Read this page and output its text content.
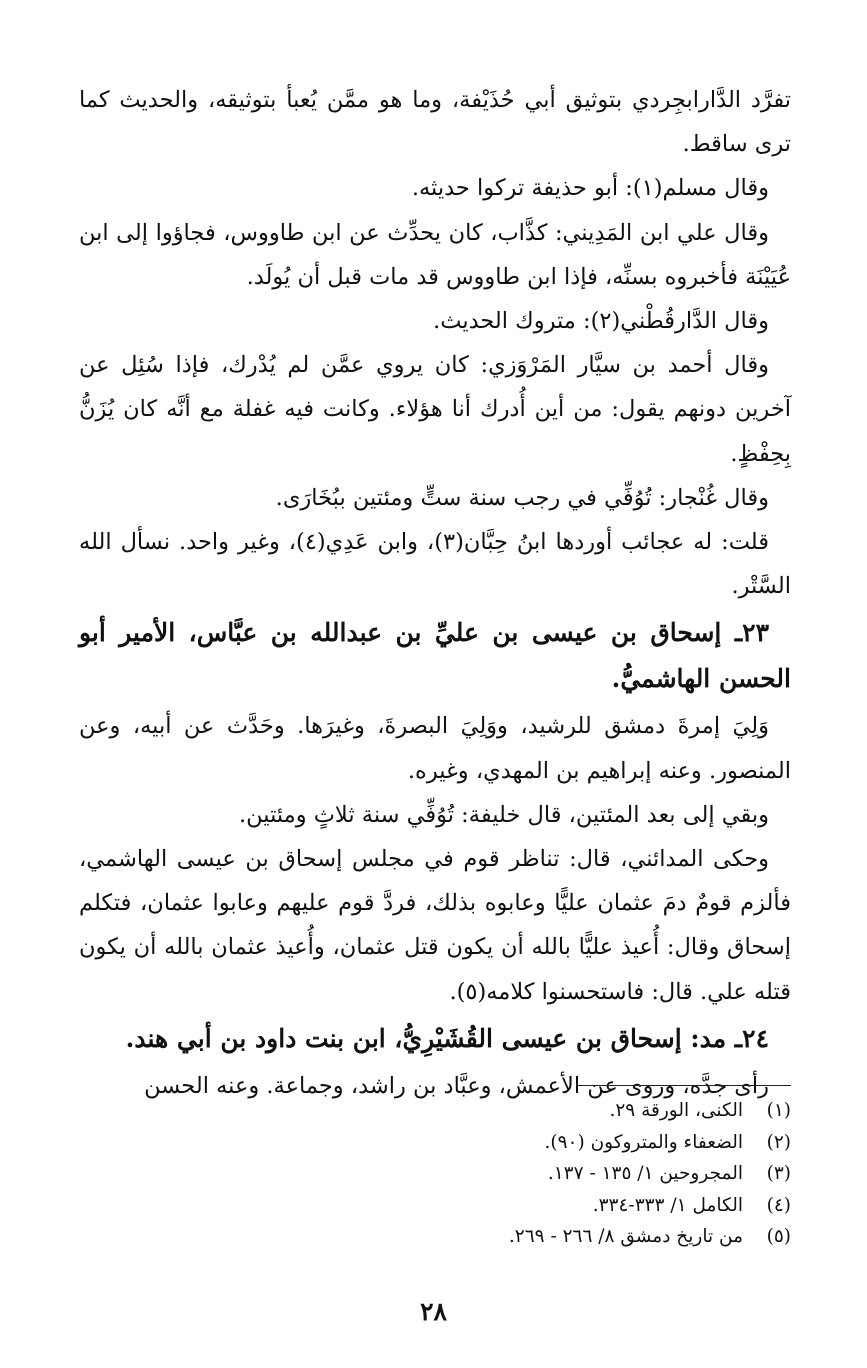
تفرَّد الدَّارابجِردي بتوثيق أبي حُذَيْفة، وما هو ممَّن يُعبأ بتوثيقه، والحديث كما ترى ساقط.

وقال مسلم(١): أبو حذيفة تركوا حديثه.

وقال علي ابن المَدِيني: كذَّاب، كان يحدِّث عن ابن طاووس، فجاؤوا إلى ابن عُيَيْنَة فأخبروه بسنِّه، فإذا ابن طاووس قد مات قبل أن يُولَد.

وقال الدَّارقُطْني(٢): متروك الحديث.

وقال أحمد بن سيَّار المَرْوَزي: كان يروي عمَّن لم يُدْرك، فإذا سُئِل عن آخرين دونهم يقول: من أين أُدرك أنا هؤلاء. وكانت فيه غفلة مع أنَّه كان يُزَنُّ بِحِفْظٍ.

وقال غُنْجار: تُوُفِّي في رجب سنة ستٍّ ومئتين ببُخَارَى.

قلت: له عجائب أوردها ابنُ حِبَّان(٣)، وابن عَدِي(٤)، وغير واحد. نسأل الله السَّتْر.

٢٣ـ إسحاق بن عيسى بن عليِّ بن عبدالله بن عبَّاس، الأمير أبو الحسن الهاشميُّ.

وَلِيَ إمرةَ دمشق للرشيد، ووَلِيَ البصرةَ، وغيرَها. وحَدَّث عن أبيه، وعن المنصور. وعنه إبراهيم بن المهدي، وغيره.

وبقي إلى بعد المئتين، قال خليفة: تُوُفِّي سنة ثلاثٍ ومئتين.

وحكى المدائني، قال: تناظر قوم في مجلس إسحاق بن عيسى الهاشمي، فألزم قومٌ دمَ عثمان عليًّا وعابوه بذلك، فردَّ قوم عليهم وعابوا عثمان، فتكلم إسحاق وقال: أُعيذ عليًّا بالله أن يكون قتل عثمان، وأُعيذ عثمان بالله أن يكون قتله علي. قال: فاستحسنوا كلامه(٥).

٢٤ـ مد: إسحاق بن عيسى القُشَيْرِيُّ، ابن بنت داود بن أبي هند.

رأى جدَّه، وروى عن الأعمش، وعبَّاد بن راشد، وجماعة. وعنه الحسن

(١)
الكنى، الورقة ٢٩.
(٢)
الضعفاء والمتروكون (٩٠).
(٣)
المجروحين ١/ ١٣٥ - ١٣٧.
(٤)
الكامل ١/ ٣٣٣-٣٣٤.
(٥)
من تاريخ دمشق ٨/ ٢٦٦ - ٢٦٩.
٢٨
